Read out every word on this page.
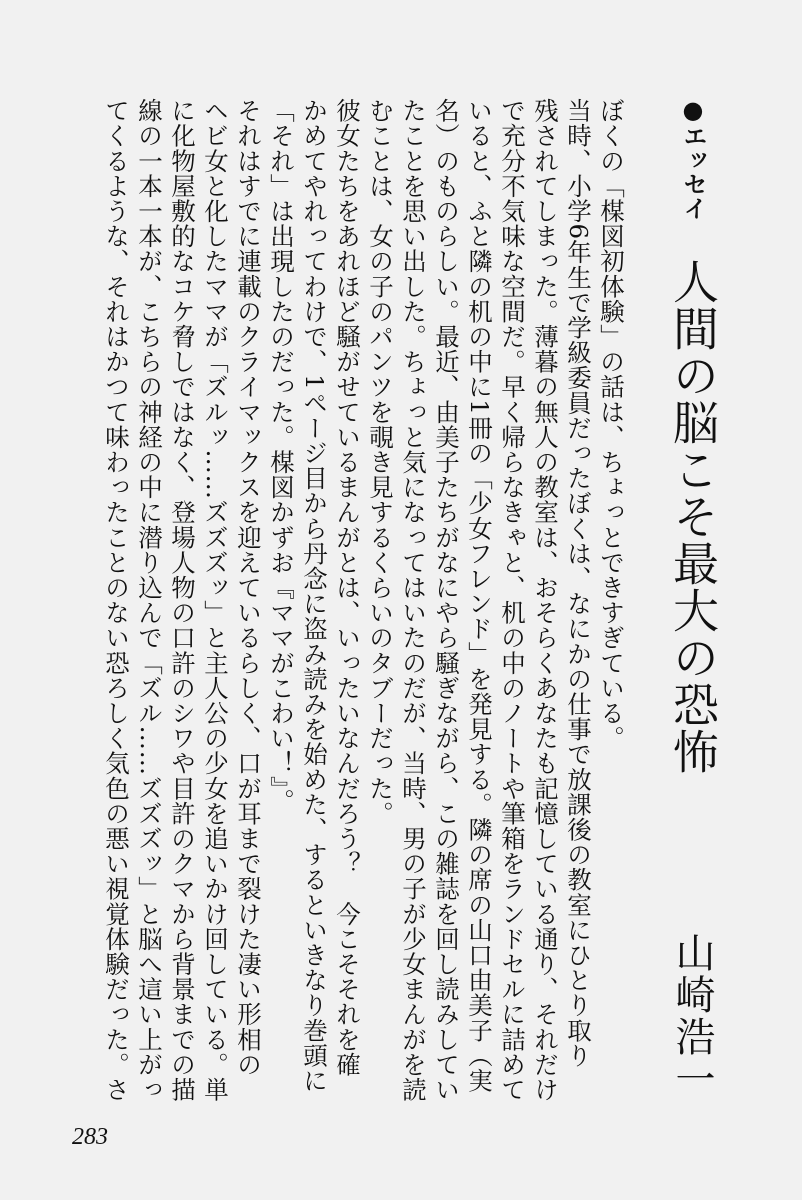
●エッセイ
人間の脳こそ最大の恐怖
山崎浩一
ぼくの「楳図初体験」の話は、ちょっとできすぎている。
当時、小学6年生で学級委員だったぼくは、なにかの仕事で放課後の教室にひとり取り
残されてしまった。薄暮の無人の教室は、おそらくあなたも記憶している通り、それだけ
で充分不気味な空間だ。早く帰らなきゃと、机の中のノートや筆箱をランドセルに詰めて
いると、ふと隣の机の中に1冊の「少女フレンド」を発見する。隣の席の山口由美子（実
名）のものらしい。最近、由美子たちがなにやら騒ぎながら、この雑誌を回し読みしてい
たことを思い出した。ちょっと気になってはいたのだが、当時、男の子が少女まんがを読
むことは、女の子のパンツを覗き見するくらいのタブーだった。
彼女たちをあれほど騒がせているまんがとは、いったいなんだろう？　今こそそれを確
かめてやれってわけで、1ページ目から丹念に盗み読みを始めた、するといきなり巻頭に
「それ」は出現したのだった。楳図かずお『ママがこわい！』。
それはすでに連載のクライマックスを迎えているらしく、口が耳まで裂けた凄い形相の
ヘビ女と化したママが「ズルッ……ズズズッ」と主人公の少女を追いかけ回している。単
に化物屋敷的なコケ脅しではなく、登場人物の口許のシワや目許のクマから背景までの描
線の一本一本が、こちらの神経の中に潜り込んで「ズル……ズズズッ」と脳へ這い上がっ
てくるような、それはかつて味わったことのない恐ろしく気色の悪い視覚体験だった。さ
283
